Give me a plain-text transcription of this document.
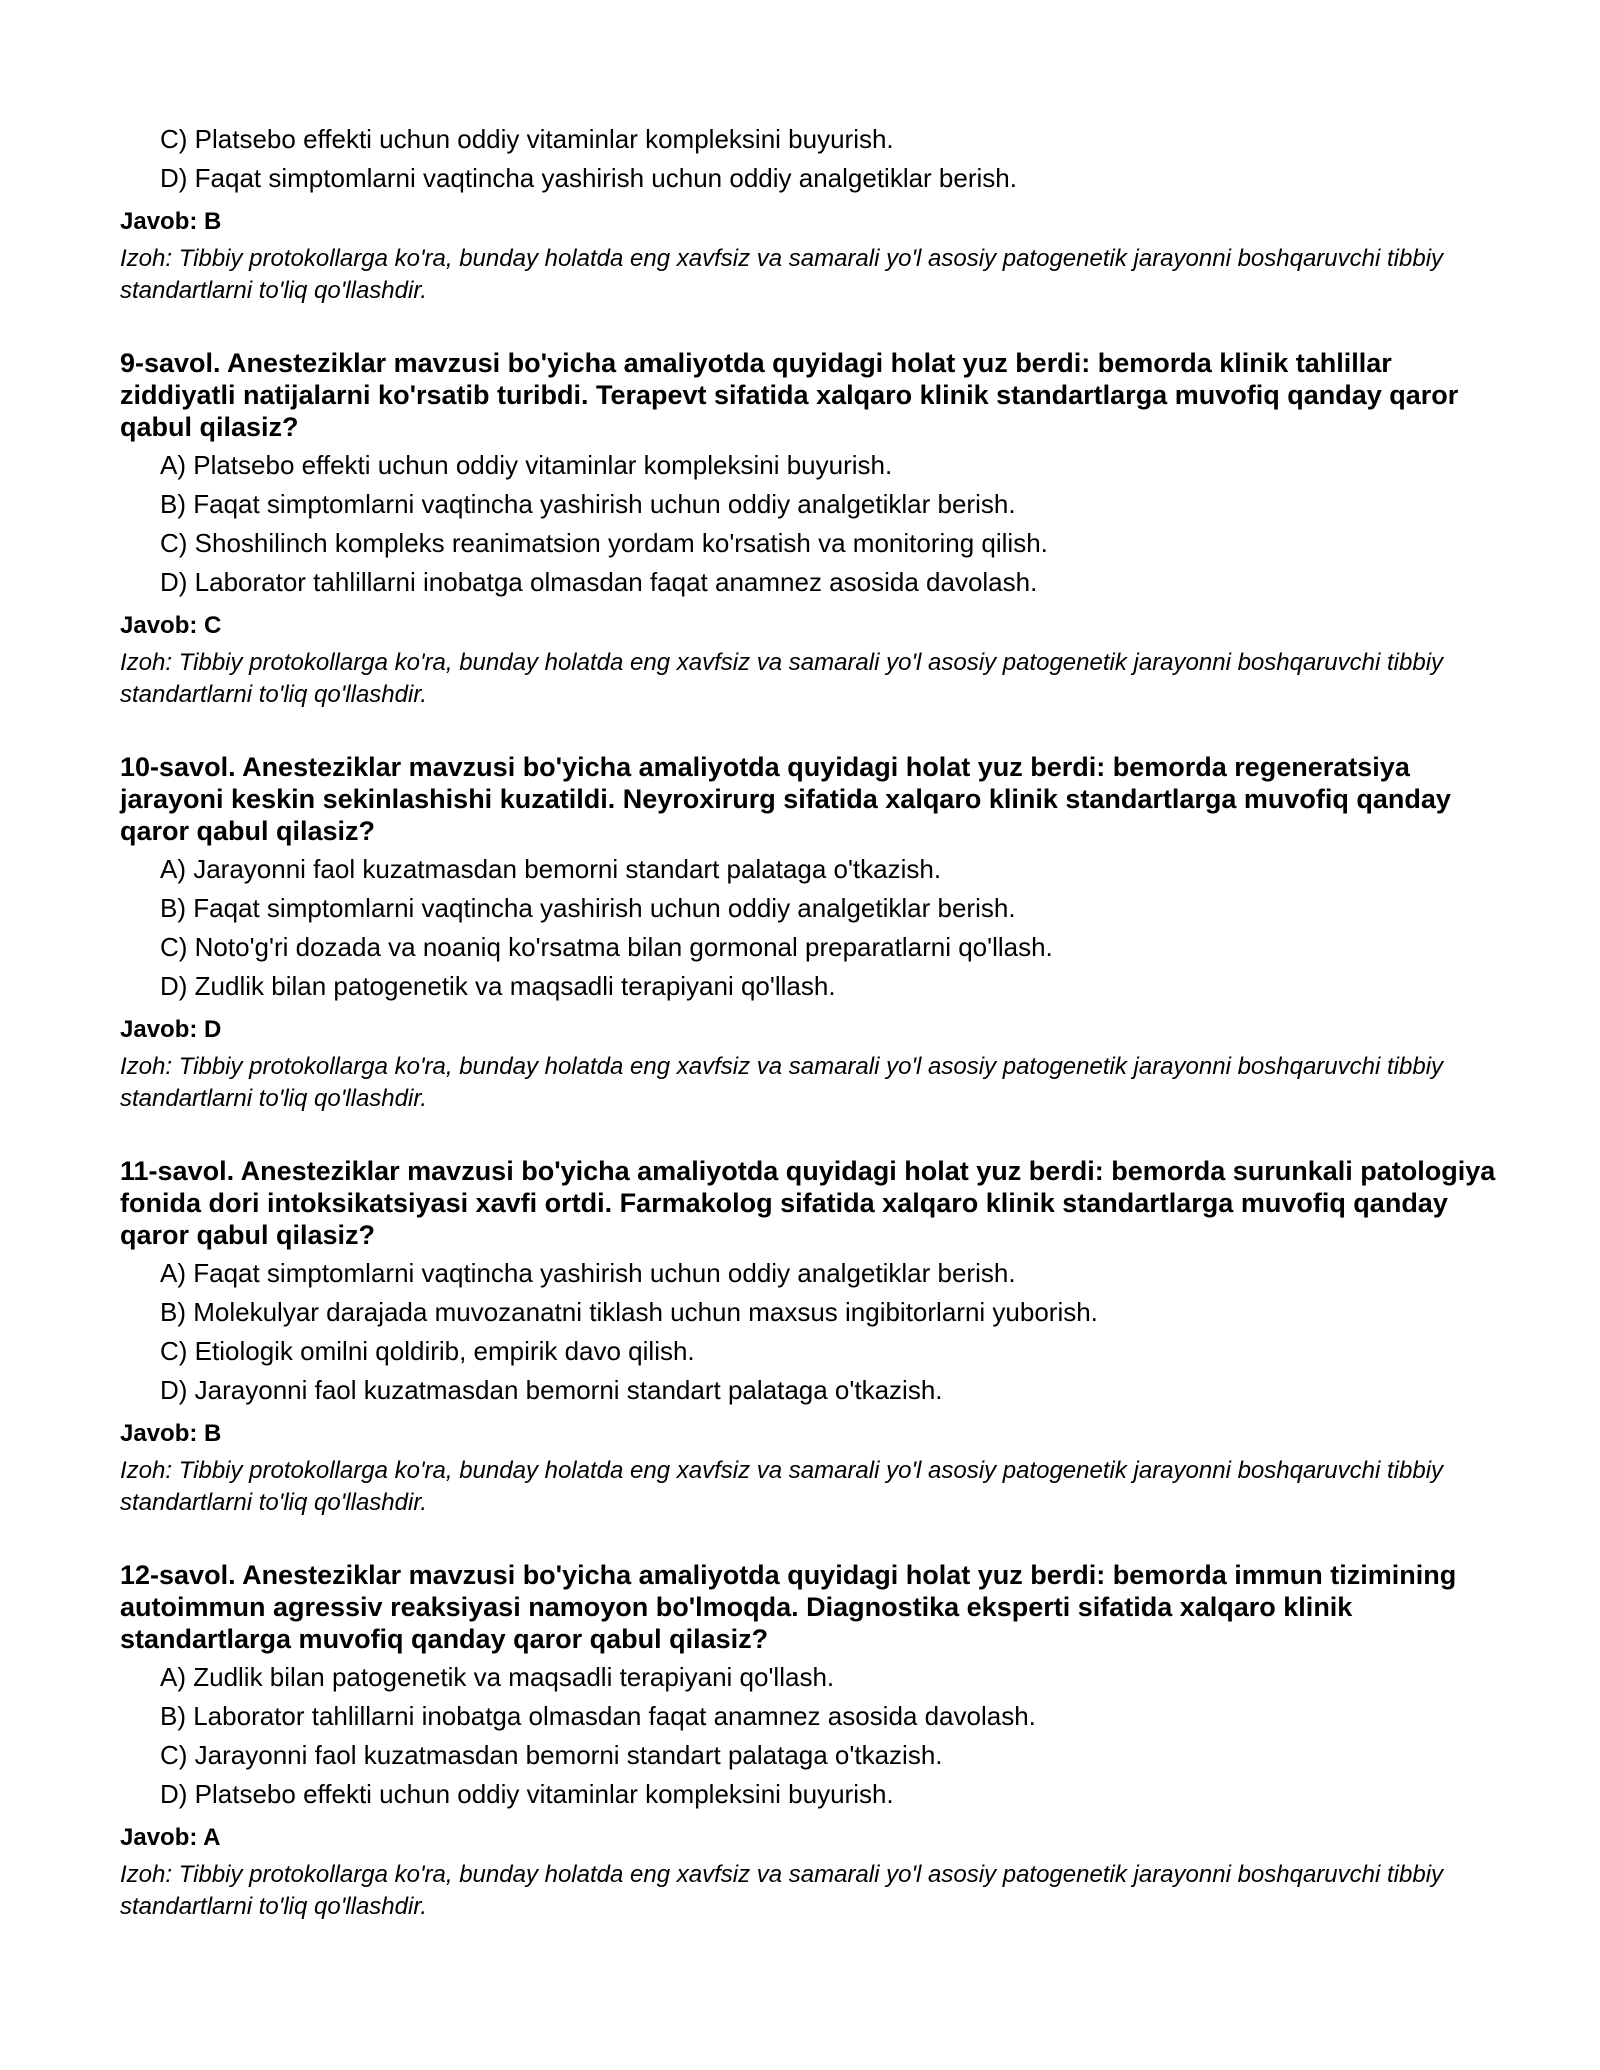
C) Platsebo effekti uchun oddiy vitaminlar kompleksini buyurish.
D) Faqat simptomlarni vaqtincha yashirish uchun oddiy analgetiklar berish.
Javob: B
Izoh: Tibbiy protokollarga ko'ra, bunday holatda eng xavfsiz va samarali yo'l asosiy patogenetik jarayonni boshqaruvchi tibbiy standartlarni to'liq qo'llashdir.

9-savol. Anesteziklar mavzusi bo'yicha amaliyotda quyidagi holat yuz berdi: bemorda klinik tahlillar ziddiyatli natijalarni ko'rsatib turibdi. Terapevt sifatida xalqaro klinik standartlarga muvofiq qanday qaror qabul qilasiz?

A) Platsebo effekti uchun oddiy vitaminlar kompleksini buyurish.
B) Faqat simptomlarni vaqtincha yashirish uchun oddiy analgetiklar berish.
C) Shoshilinch kompleks reanimatsion yordam ko'rsatish va monitoring qilish.
D) Laborator tahlillarni inobatga olmasdan faqat anamnez asosida davolash.
Javob: C
Izoh: Tibbiy protokollarga ko'ra, bunday holatda eng xavfsiz va samarali yo'l asosiy patogenetik jarayonni boshqaruvchi tibbiy standartlarni to'liq qo'llashdir.

10-savol. Anesteziklar mavzusi bo'yicha amaliyotda quyidagi holat yuz berdi: bemorda regeneratsiya jarayoni keskin sekinlashishi kuzatildi. Neyroxirurg sifatida xalqaro klinik standartlarga muvofiq qanday qaror qabul qilasiz?

A) Jarayonni faol kuzatmasdan bemorni standart palataga o'tkazish.
B) Faqat simptomlarni vaqtincha yashirish uchun oddiy analgetiklar berish.
C) Noto'g'ri dozada va noaniq ko'rsatma bilan gormonal preparatlarni qo'llash.
D) Zudlik bilan patogenetik va maqsadli terapiyani qo'llash.
Javob: D
Izoh: Tibbiy protokollarga ko'ra, bunday holatda eng xavfsiz va samarali yo'l asosiy patogenetik jarayonni boshqaruvchi tibbiy standartlarni to'liq qo'llashdir.

11-savol. Anesteziklar mavzusi bo'yicha amaliyotda quyidagi holat yuz berdi: bemorda surunkali patologiya fonida dori intoksikatsiyasi xavfi ortdi. Farmakolog sifatida xalqaro klinik standartlarga muvofiq qanday qaror qabul qilasiz?

A) Faqat simptomlarni vaqtincha yashirish uchun oddiy analgetiklar berish.
B) Molekulyar darajada muvozanatni tiklash uchun maxsus ingibitorlarni yuborish.
C) Etiologik omilni qoldirib, empirik davo qilish.
D) Jarayonni faol kuzatmasdan bemorni standart palataga o'tkazish.
Javob: B
Izoh: Tibbiy protokollarga ko'ra, bunday holatda eng xavfsiz va samarali yo'l asosiy patogenetik jarayonni boshqaruvchi tibbiy standartlarni to'liq qo'llashdir.

12-savol. Anesteziklar mavzusi bo'yicha amaliyotda quyidagi holat yuz berdi: bemorda immun tizimining autoimmun agressiv reaksiyasi namoyon bo'lmoqda. Diagnostika eksperti sifatida xalqaro klinik standartlarga muvofiq qanday qaror qabul qilasiz?

A) Zudlik bilan patogenetik va maqsadli terapiyani qo'llash.
B) Laborator tahlillarni inobatga olmasdan faqat anamnez asosida davolash.
C) Jarayonni faol kuzatmasdan bemorni standart palataga o'tkazish.
D) Platsebo effekti uchun oddiy vitaminlar kompleksini buyurish.
Javob: A
Izoh: Tibbiy protokollarga ko'ra, bunday holatda eng xavfsiz va samarali yo'l asosiy patogenetik jarayonni boshqaruvchi tibbiy standartlarni to'liq qo'llashdir.
